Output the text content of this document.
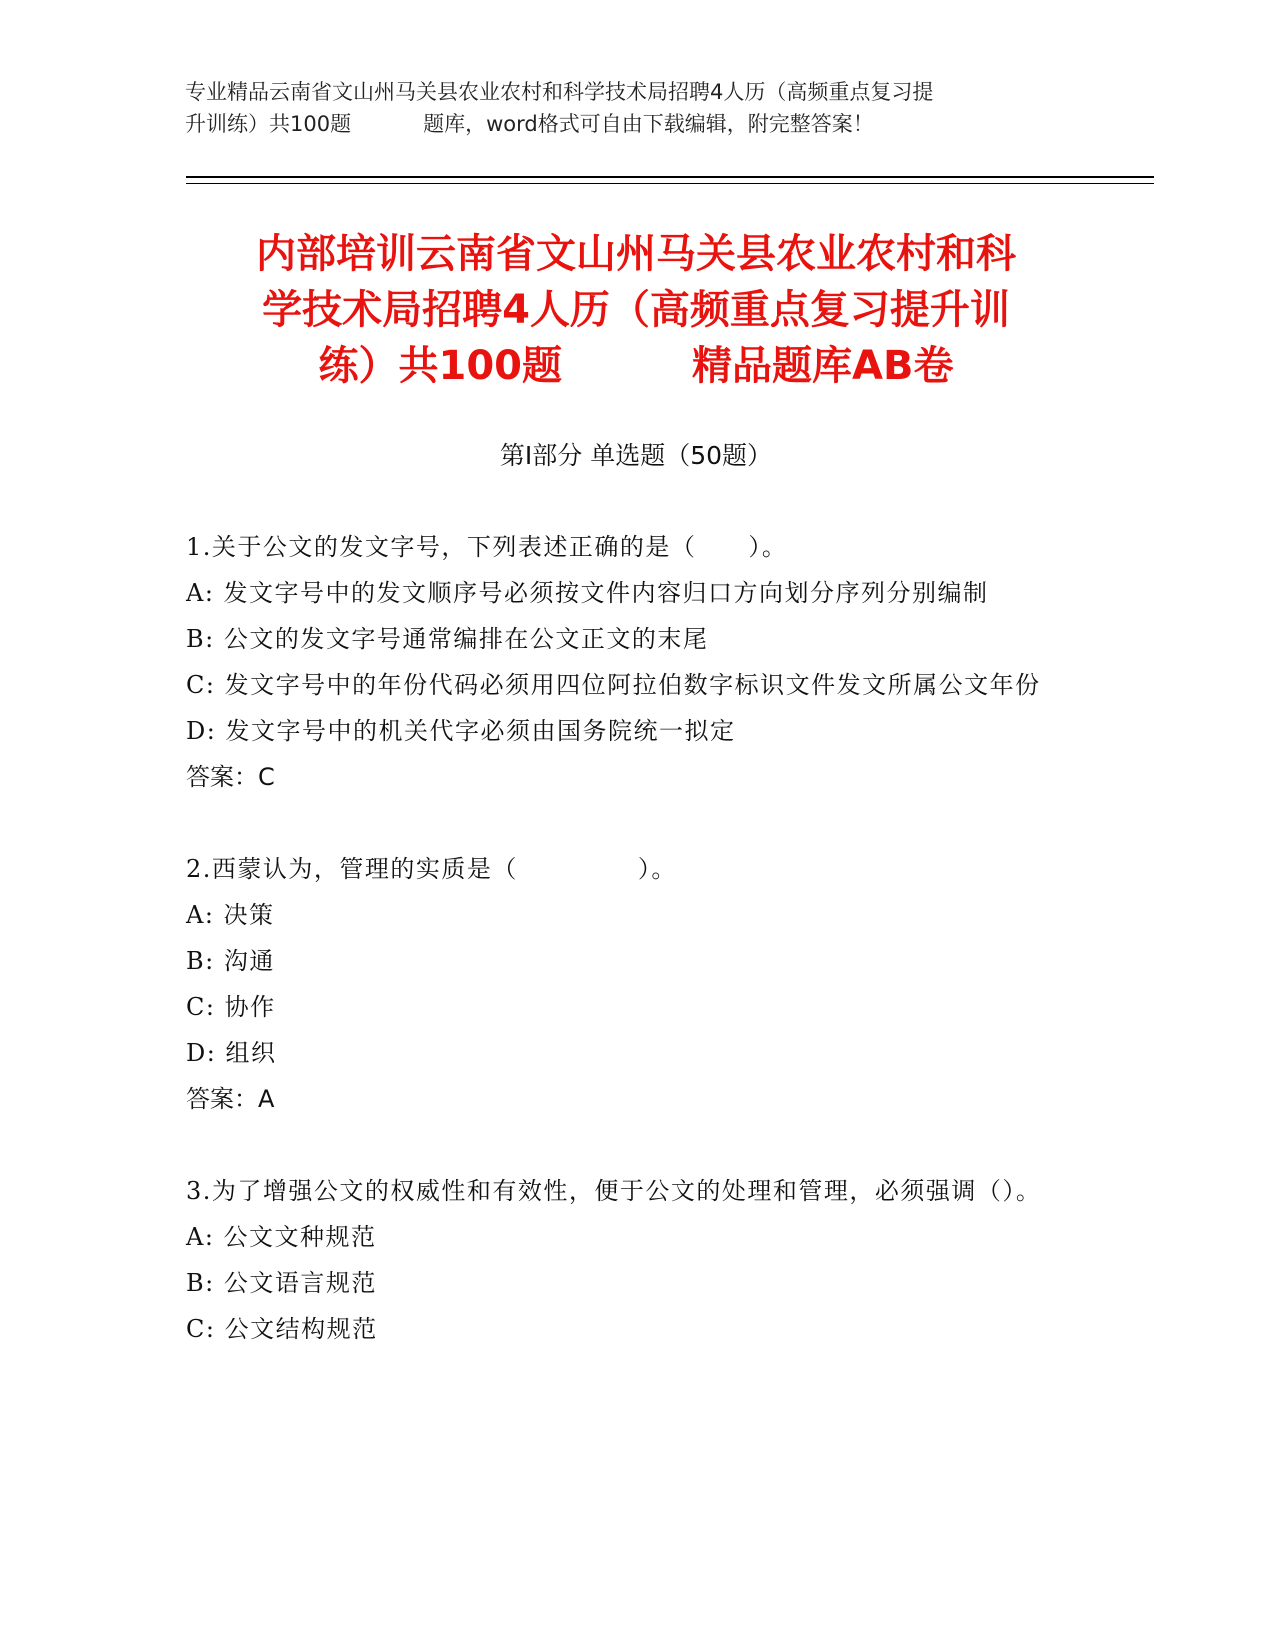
专业精品云南省文山州马关县农业农村和科学技术局招聘4人历（高频重点复习提
升训练）共100题	题库，word格式可自由下载编辑，附完整答案！
内部培训云南省文山州马关县农业农村和科
学技术局招聘4人历（高频重点复习提升训
练）共100题	精品题库AB卷
第Ⅰ部分 单选题（50题）

1.关于公文的发文字号，下列表述正确的是（ ）。

A: 发文字号中的发文顺序号必须按文件内容归口方向划分序列分别编制

B: 公文的发文字号通常编排在公文正文的末尾

C: 发文字号中的年份代码必须用四位阿拉伯数字标识文件发文所属公文年份

D: 发文字号中的机关代字必须由国务院统一拟定

答案：C

2.西蒙认为，管理的实质是（	）。

A: 决策

B: 沟通

C: 协作

D: 组织

答案：A

3.为了增强公文的权威性和有效性，便于公文的处理和管理，必须强调（）。

A: 公文文种规范

B: 公文语言规范

C: 公文结构规范
